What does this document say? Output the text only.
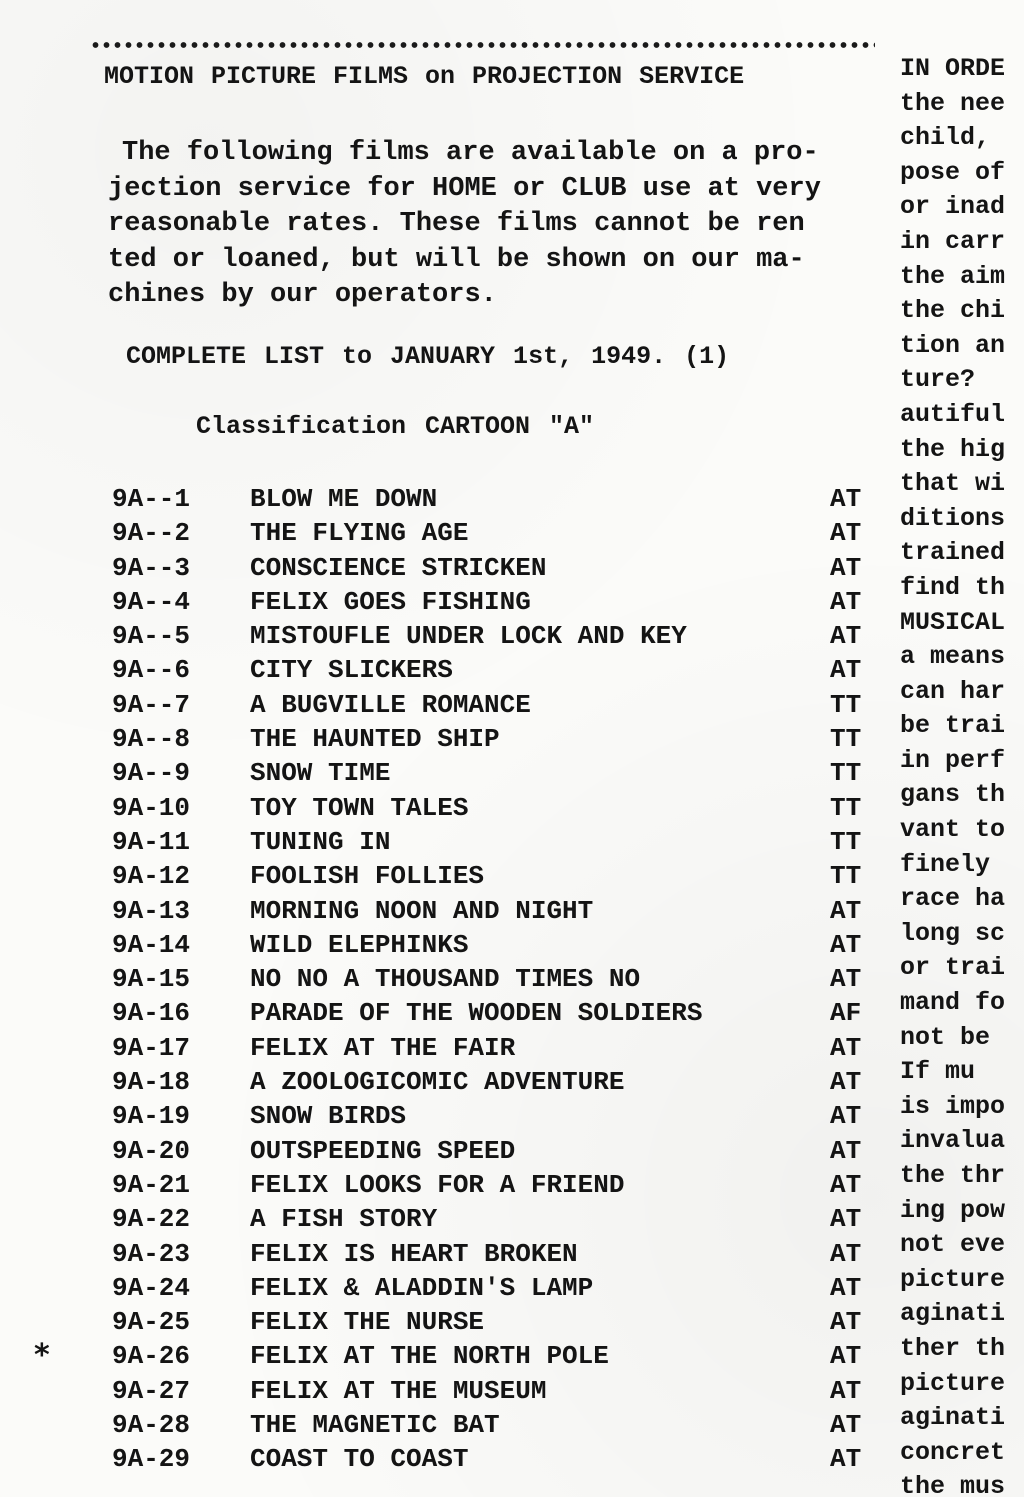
MOTION PICTURE FILMS on PROJECTION SERVICE
The following films are available on a pro-
jection service for HOME or CLUB use at very
reasonable rates. These films cannot be ren
ted or loaned, but will be shown on our ma-
chines by our operators.
COMPLETE LIST to JANUARY 1st, 1949. (1)
Classification CARTOON "A"
9A--1 BLOW ME DOWN	AT
9A--2 THE FLYING AGE	AT
9A--3 CONSCIENCE STRICKEN	AT
9A--4 FELIX GOES FISHING	AT
9A--5 MISTOUFLE UNDER LOCK AND KEY	AT
9A--6 CITY SLICKERS	AT
9A--7 A BUGVILLE ROMANCE	TT
9A--8 THE HAUNTED SHIP	TT
9A--9 SNOW TIME	TT
9A-10 TOY TOWN TALES	TT
9A-11 TUNING IN	TT
9A-12 FOOLISH FOLLIES	TT
9A-13 MORNING NOON AND NIGHT	AT
9A-14 WILD ELEPHINKS	AT
9A-15 NO NO A THOUSAND TIMES NO	AT
9A-16 PARADE OF THE WOODEN SOLDIERS	AF
9A-17 FELIX AT THE FAIR	AT
9A-18 A ZOOLOGICOMIC ADVENTURE	AT
9A-19 SNOW BIRDS	AT
9A-20 OUTSPEEDING SPEED	AT
9A-21 FELIX LOOKS FOR A FRIEND	AT
9A-22 A FISH STORY	AT
9A-23 FELIX IS HEART BROKEN	AT
9A-24 FELIX & ALADDIN'S LAMP	AT
9A-25 FELIX THE NURSE	AT
9A-26 FELIX AT THE NORTH POLE	AT
9A-27 FELIX AT THE MUSEUM	AT
9A-28 THE MAGNETIC BAT	AT
9A-29 COAST TO COAST	AT
*
IN ORDE
the nee
child,
pose of
or inad
in carr
the aim
the chi
tion an
ture?
autiful
the hig
that wi
ditions
trained
find th
MUSICAL
a means
can har
be trai
in perf
gans th
vant to
finely
race ha
long sc
or trai
mand fo
not be
If mu
is impo
invalua
the thr
ing pow
not eve
picture
aginati
ther th
picture
aginati
concret
the mus
